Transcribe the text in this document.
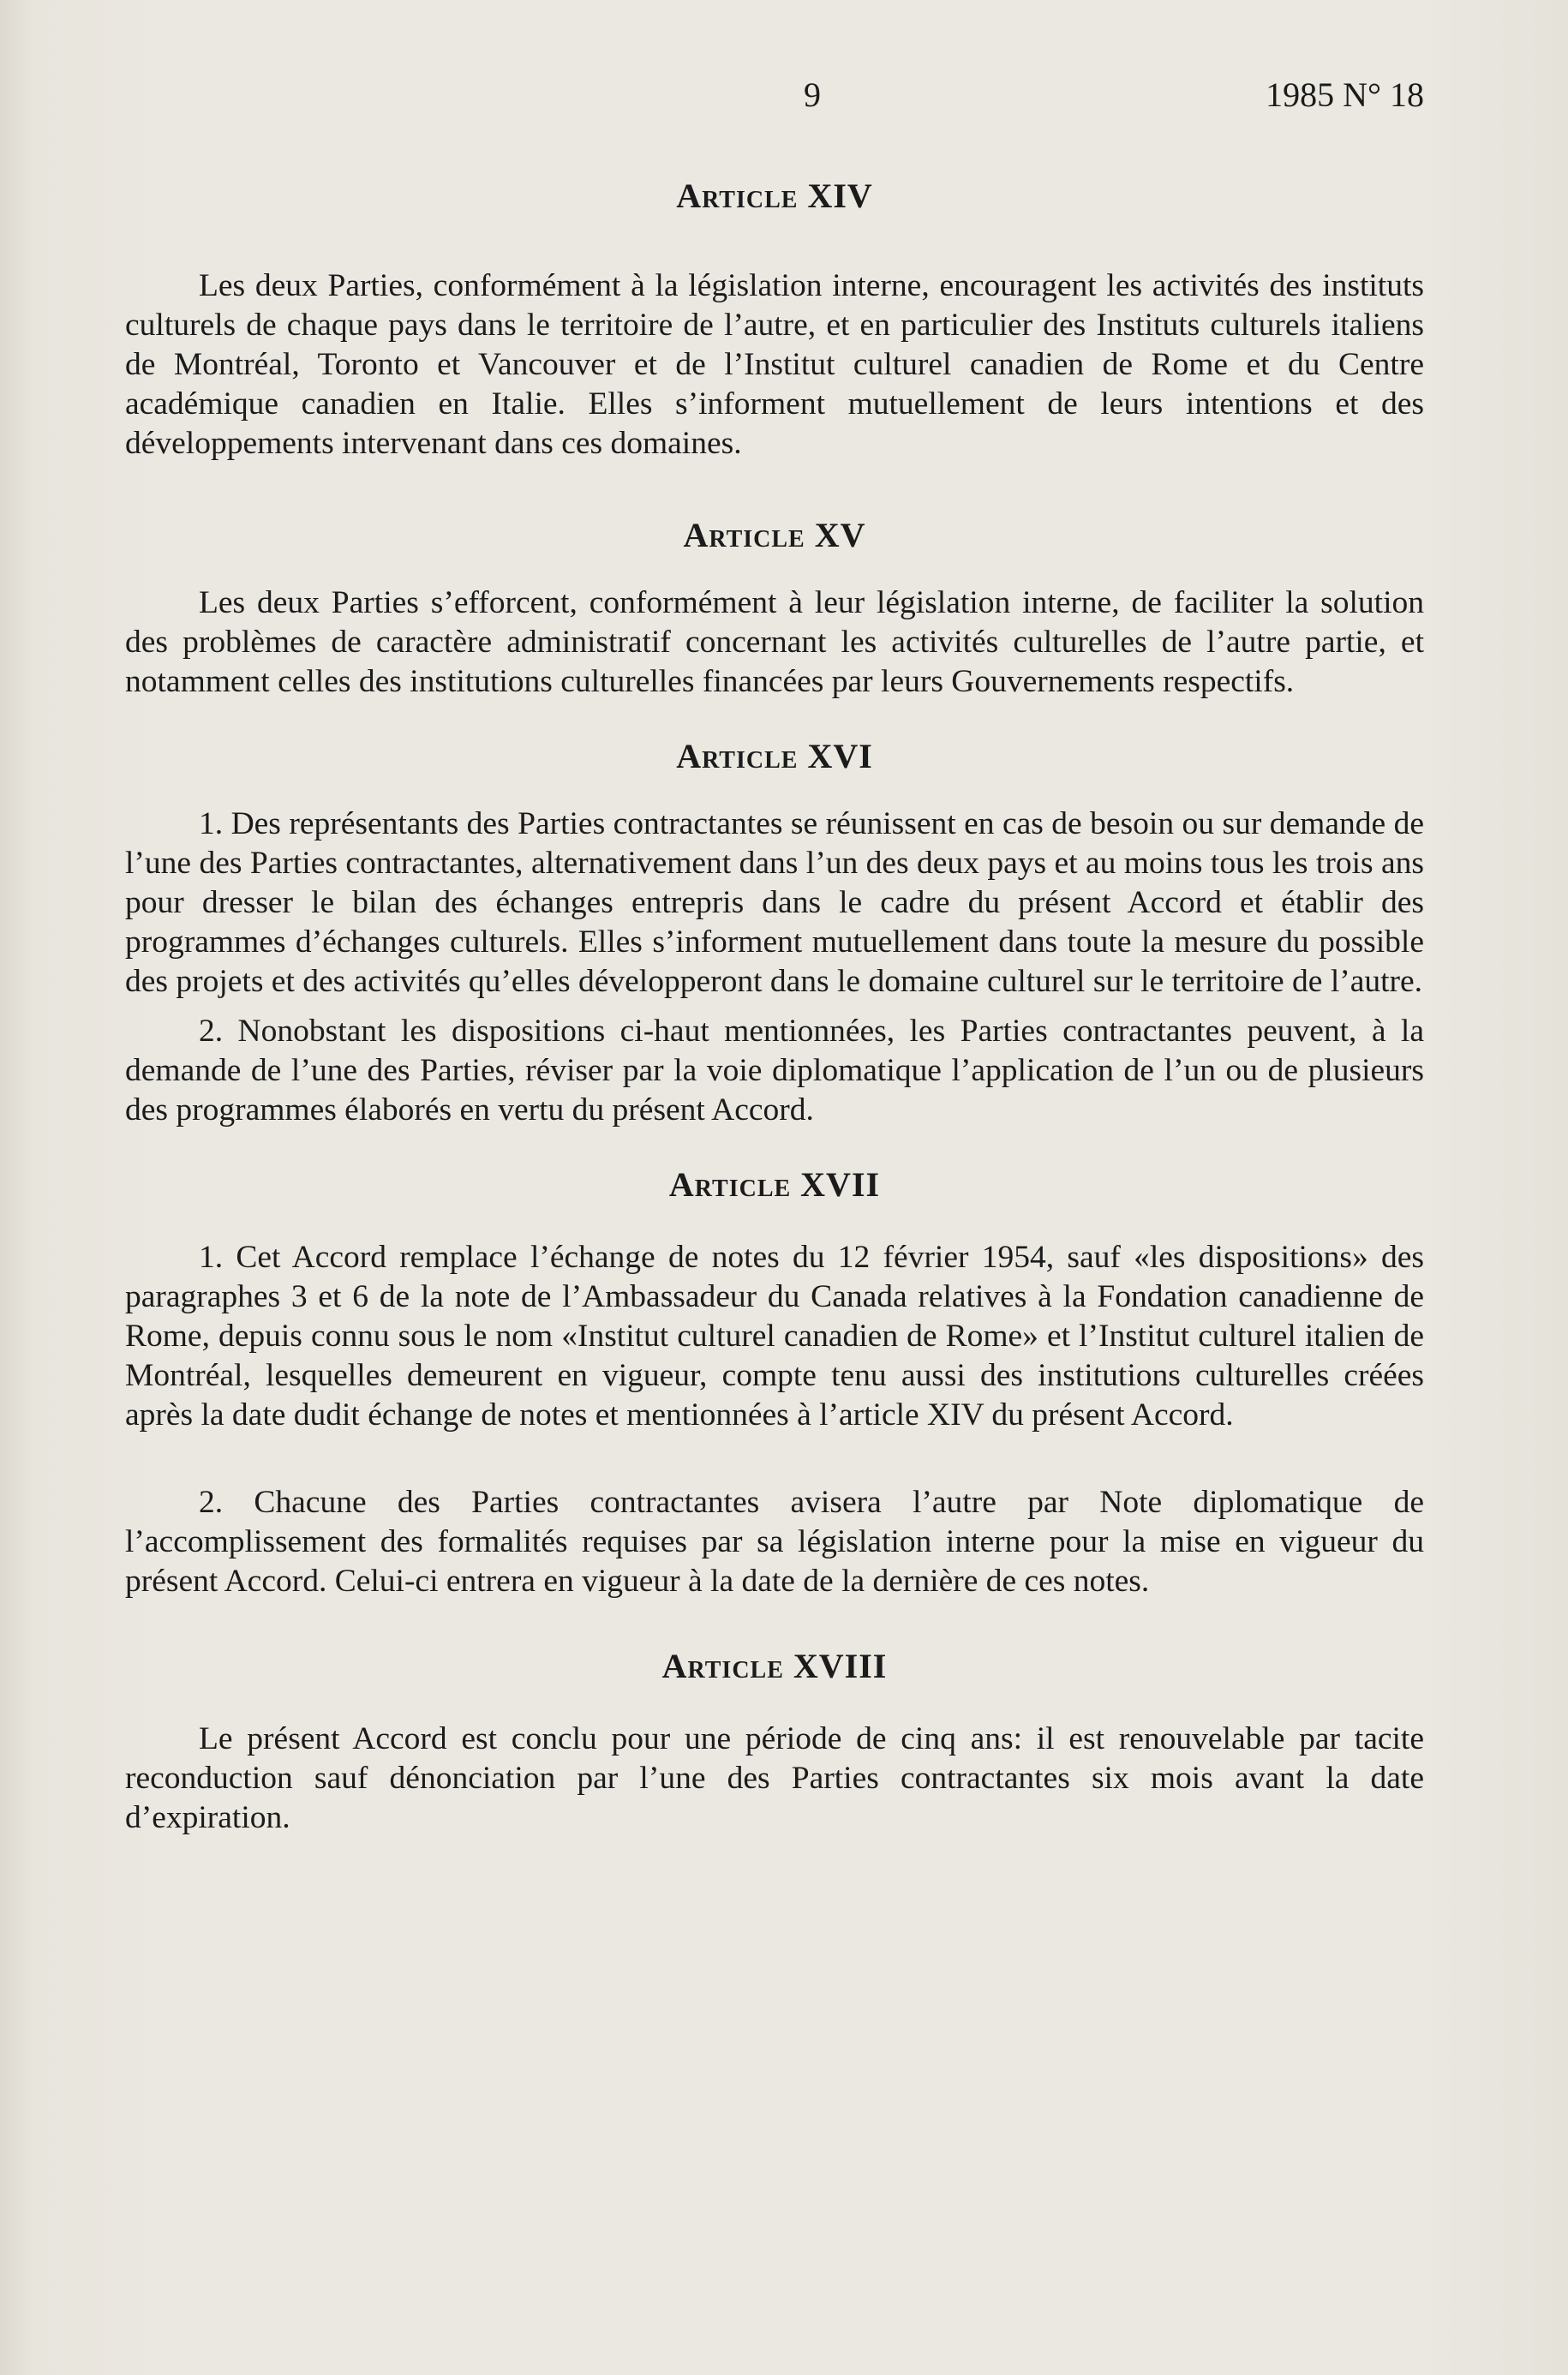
9	1985 N° 18

Article XIV

Les deux Parties, conformément à la législation interne, encouragent les activités des instituts culturels de chaque pays dans le territoire de l’autre, et en particulier des Instituts culturels italiens de Montréal, Toronto et Vancouver et de l’Institut culturel canadien de Rome et du Centre académique canadien en Italie. Elles s’informent mutuellement de leurs intentions et des développements intervenant dans ces domaines.

Article XV

Les deux Parties s’efforcent, conformément à leur législation interne, de faciliter la solution des problèmes de caractère administratif concernant les activités culturelles de l’autre partie, et notamment celles des institutions culturelles financées par leurs Gouvernements respectifs.

Article XVI

1. Des représentants des Parties contractantes se réunissent en cas de besoin ou sur demande de l’une des Parties contractantes, alternativement dans l’un des deux pays et au moins tous les trois ans pour dresser le bilan des échanges entrepris dans le cadre du présent Accord et établir des programmes d’échanges culturels. Elles s’informent mutuellement dans toute la mesure du possible des projets et des activités qu’elles développeront dans le domaine culturel sur le territoire de l’autre.

2. Nonobstant les dispositions ci-haut mentionnées, les Parties contractantes peuvent, à la demande de l’une des Parties, réviser par la voie diplomatique l’application de l’un ou de plusieurs des programmes élaborés en vertu du présent Accord.

Article XVII

1. Cet Accord remplace l’échange de notes du 12 février 1954, sauf «les dispositions» des paragraphes 3 et 6 de la note de l’Ambassadeur du Canada relatives à la Fondation canadienne de Rome, depuis connu sous le nom «Institut culturel canadien de Rome» et l’Institut culturel italien de Montréal, lesquelles demeurent en vigueur, compte tenu aussi des institutions culturelles créées après la date dudit échange de notes et mentionnées à l’article XIV du présent Accord.

2. Chacune des Parties contractantes avisera l’autre par Note diplomatique de l’accomplissement des formalités requises par sa législation interne pour la mise en vigueur du présent Accord. Celui-ci entrera en vigueur à la date de la dernière de ces notes.

Article XVIII

Le présent Accord est conclu pour une période de cinq ans: il est renouvelable par tacite reconduction sauf dénonciation par l’une des Parties contractantes six mois avant la date d’expiration.
